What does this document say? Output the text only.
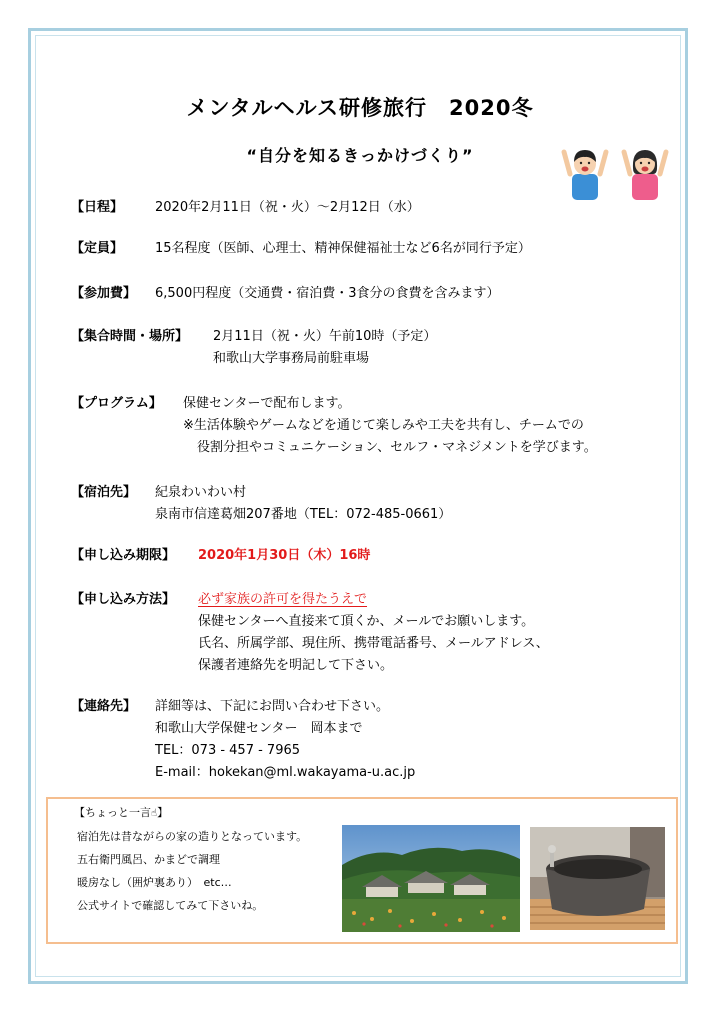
メンタルヘルス研修旅行　2020冬
“自分を知るきっかけづくり”
【日程】 2020年2月11日（祝・火）～2月12日（水）
【定員】 15名程度（医師、心理士、精神保健福祉士など6名が同行予定）
【参加費】 6,500円程度（交通費・宿泊費・3食分の食費を含みます）
【集合時間・場所】 2月11日（祝・火）午前10時（予定）
和歌山大学事務局前駐車場
【プログラム】 保健センターで配布します。
※生活体験やゲームなどを通じて楽しみや工夫を共有し、チームでの
役割分担やコミュニケーション、セルフ・マネジメントを学びます。
【宿泊先】 紀泉わいわい村
泉南市信達葛畑207番地（TEL：072‐485‐0661）
【申し込み期限】 2020年1月30日（木）16時
【申し込み方法】 必ず家族の許可を得たうえで
保健センターへ直接来て頂くか、メールでお願いします。
氏名、所属学部、現住所、携帯電話番号、メールアドレス、
保護者連絡先を明記して下さい。
【連絡先】 詳細等は、下記にお問い合わせ下さい。
和歌山大学保健センター　岡本まで
TEL：073 - 457 - 7965
E-mail：hokekan@ml.wakayama-u.ac.jp
【ちょっと一言☝】
宿泊先は昔ながらの家の造りとなっています。
五右衛門風呂、かまどで調理
暖房なし（囲炉裏あり）　etc…
公式サイトで確認してみて下さいね。
